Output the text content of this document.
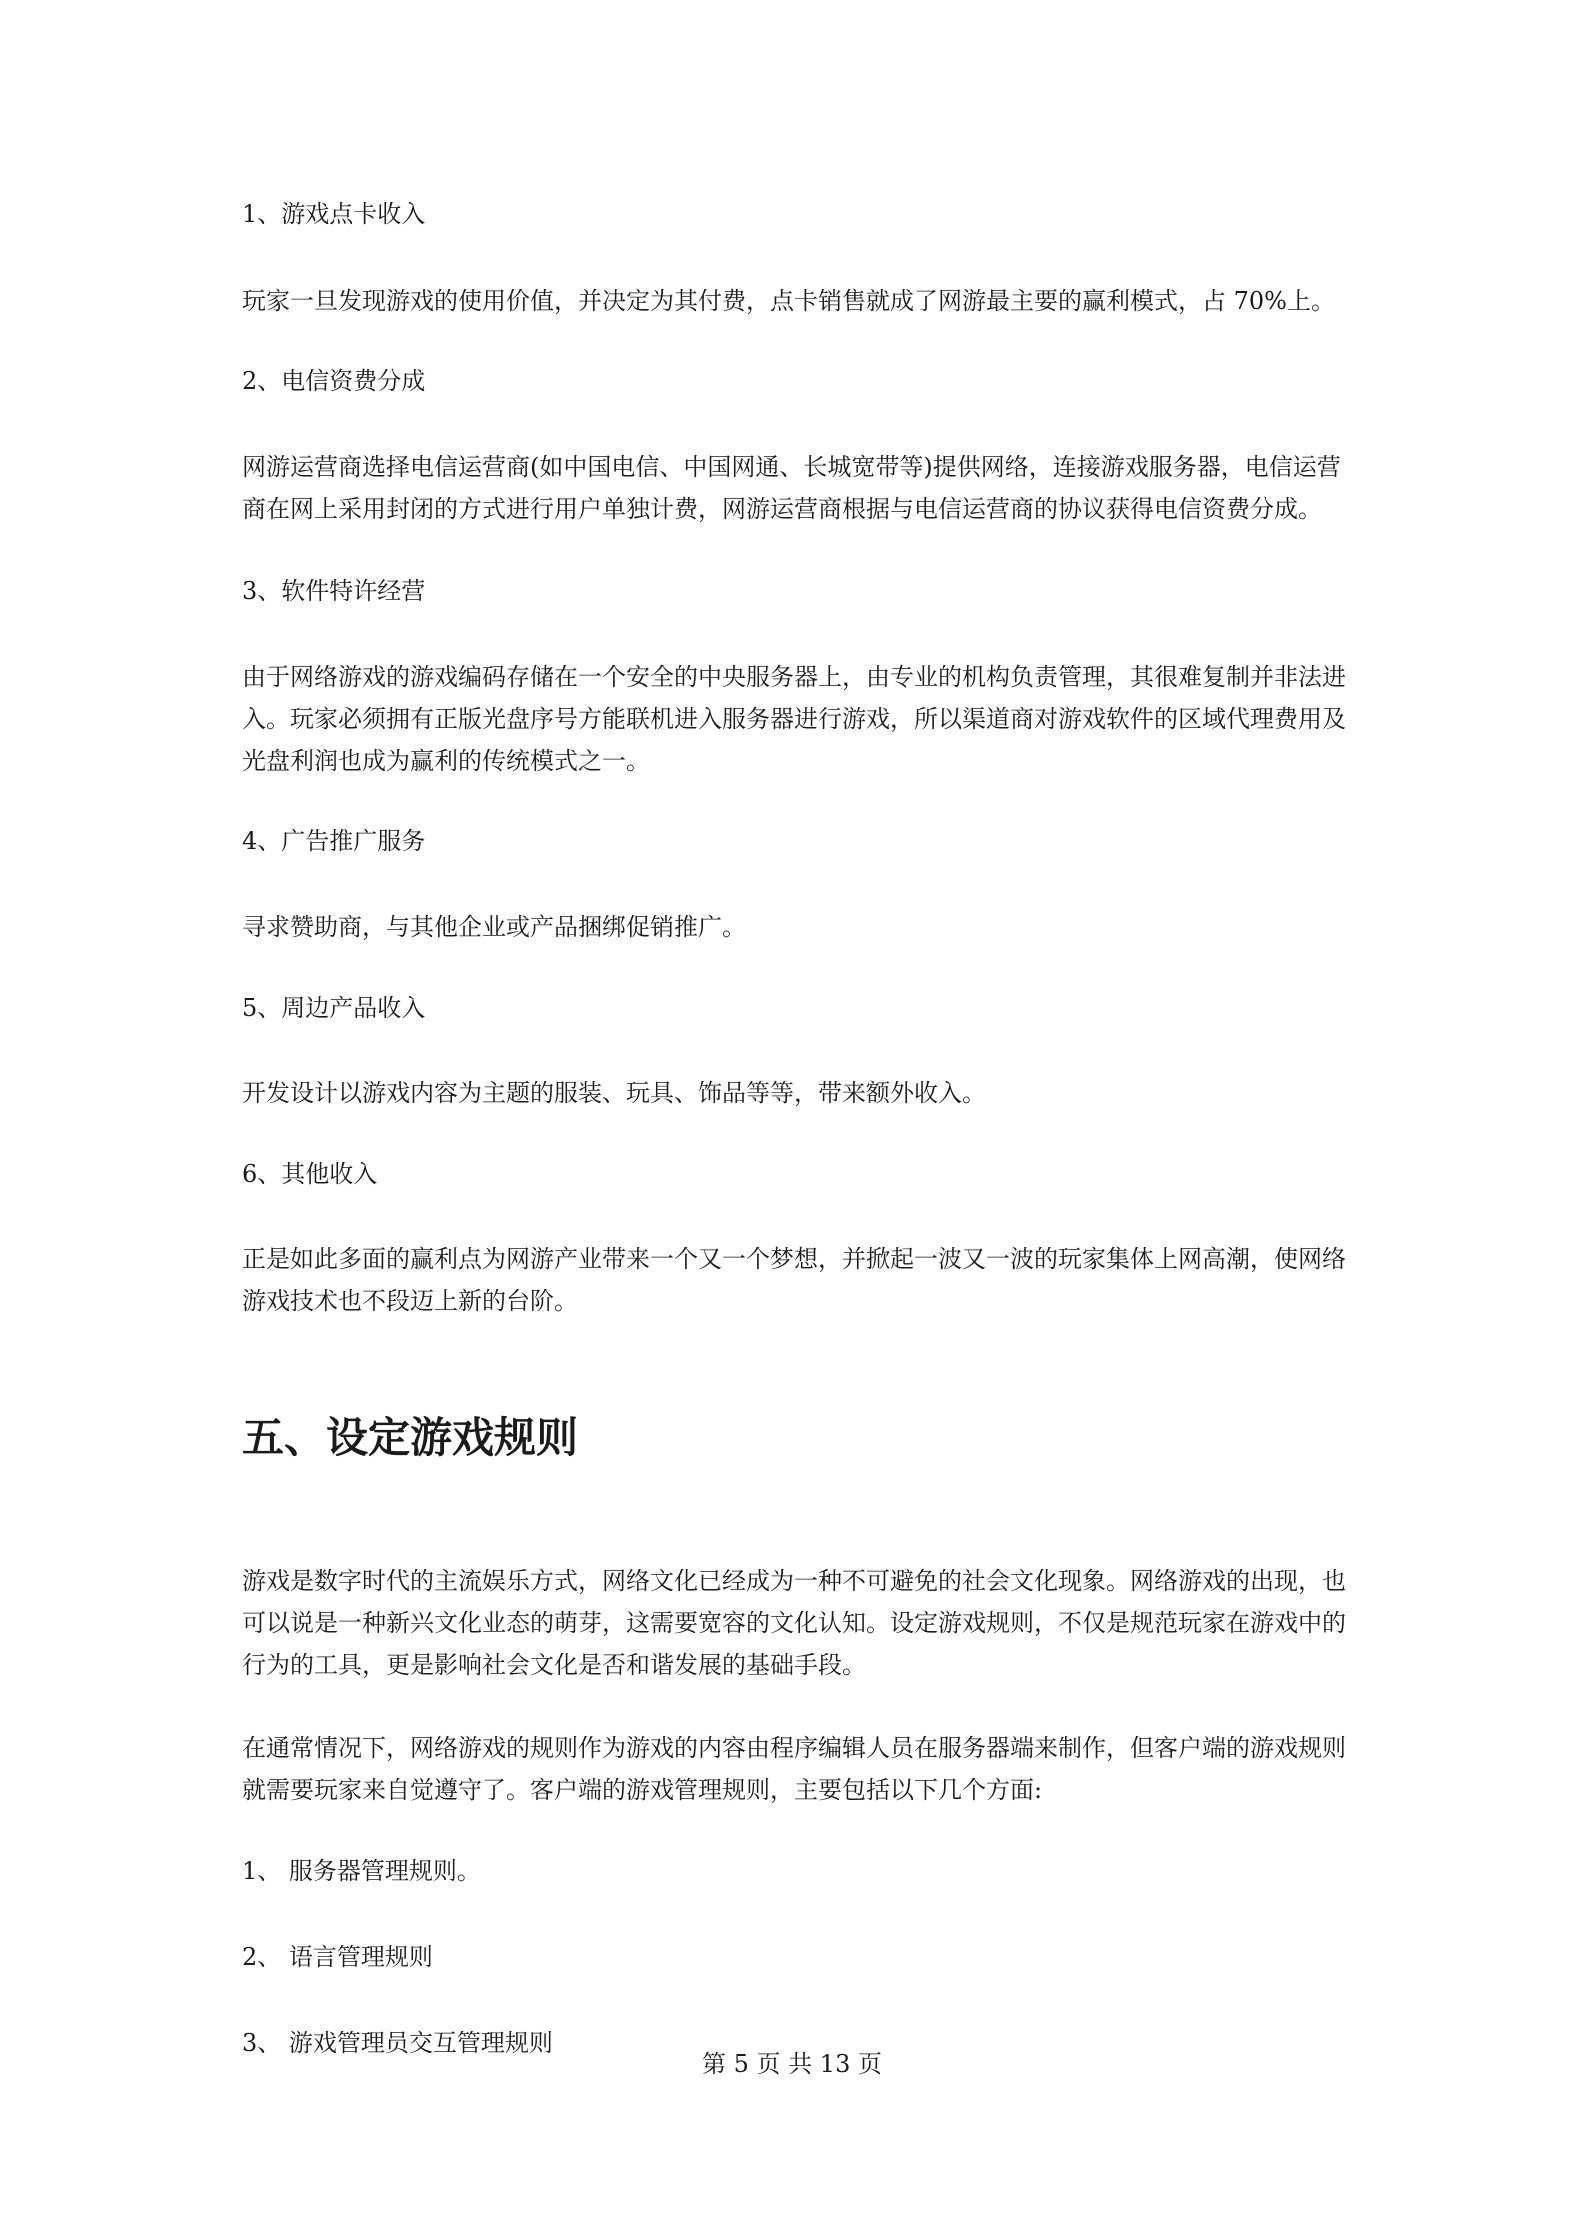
1、游戏点卡收入

玩家一旦发现游戏的使用价值，并决定为其付费，点卡销售就成了网游最主要的赢利模式，占 70%上。

2、电信资费分成

网游运营商选择电信运营商(如中国电信、中国网通、长城宽带等)提供网络，连接游戏服务器，电信运营商在网上采用封闭的方式进行用户单独计费，网游运营商根据与电信运营商的协议获得电信资费分成。

3、软件特许经营

由于网络游戏的游戏编码存储在一个安全的中央服务器上，由专业的机构负责管理，其很难复制并非法进入。玩家必须拥有正版光盘序号方能联机进入服务器进行游戏，所以渠道商对游戏软件的区域代理费用及光盘利润也成为赢利的传统模式之一。

4、广告推广服务

寻求赞助商，与其他企业或产品捆绑促销推广。

5、周边产品收入

开发设计以游戏内容为主题的服装、玩具、饰品等等，带来额外收入。

6、其他收入

正是如此多面的赢利点为网游产业带来一个又一个梦想，并掀起一波又一波的玩家集体上网高潮，使网络游戏技术也不段迈上新的台阶。

五、设定游戏规则

游戏是数字时代的主流娱乐方式，网络文化已经成为一种不可避免的社会文化现象。网络游戏的出现，也可以说是一种新兴文化业态的萌芽，这需要宽容的文化认知。设定游戏规则，不仅是规范玩家在游戏中的行为的工具，更是影响社会文化是否和谐发展的基础手段。

在通常情况下，网络游戏的规则作为游戏的内容由程序编辑人员在服务器端来制作，但客户端的游戏规则就需要玩家来自觉遵守了。客户端的游戏管理规则，主要包括以下几个方面:

1、 服务器管理规则。

2、 语言管理规则

3、 游戏管理员交互管理规则

第 5 页 共 13 页
